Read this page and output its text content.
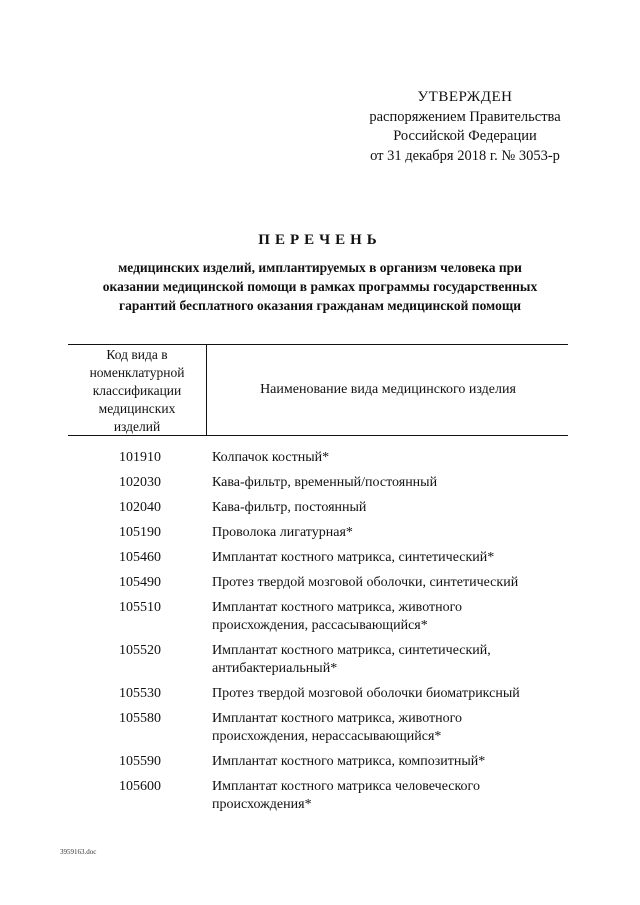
УТВЕРЖДЕН
распоряжением Правительства
Российской Федерации
от 31 декабря 2018 г. № 3053-р
ПЕРЕЧЕНЬ
медицинских изделий, имплантируемых в организм человека при
оказании медицинской помощи в рамках программы государственных
гарантий бесплатного оказания гражданам медицинской помощи
Код вида в
номенклатурной
классификации
медицинских
изделий
Наименование вида медицинского изделия
101910	Колпачок костный*
102030	Кава-фильтр, временный/постоянный
102040	Кава-фильтр, постоянный
105190	Проволока лигатурная*
105460	Имплантат костного матрикса, синтетический*
105490	Протез твердой мозговой оболочки, синтетический
105510	Имплантат костного матрикса, животного
происхождения, рассасывающийся*
105520	Имплантат костного матрикса, синтетический,
антибактериальный*
105530	Протез твердой мозговой оболочки биоматриксный
105580	Имплантат костного матрикса, животного
происхождения, нерассасывающийся*
105590	Имплантат костного матрикса, композитный*
105600	Имплантат костного матрикса человеческого
происхождения*
3959163.doc
